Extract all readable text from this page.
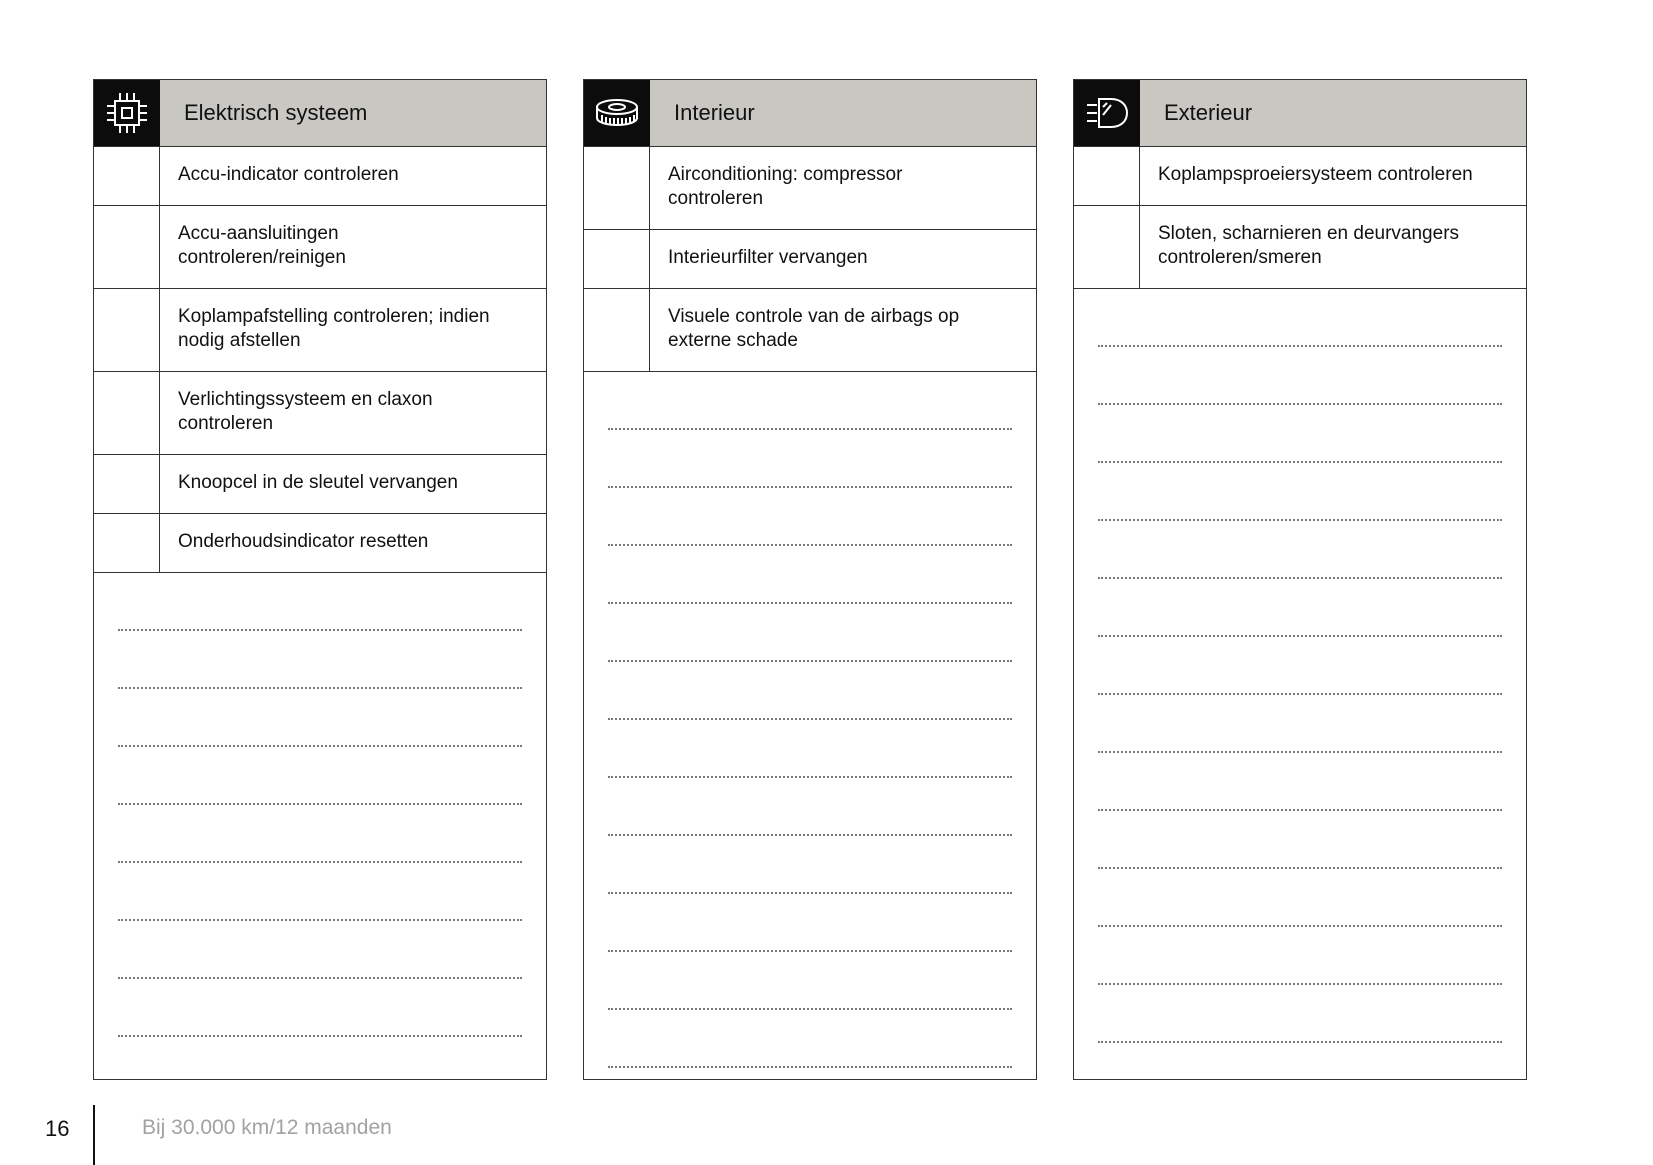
Elektrisch systeem
Accu-indicator controleren
Accu-aansluitingen
controleren/reinigen
Koplampafstelling controleren; indien
nodig afstellen
Verlichtingssysteem en claxon
controleren
Knoopcel in de sleutel vervangen
Onderhoudsindicator resetten
Interieur
Airconditioning: compressor
controleren
Interieurfilter vervangen
Visuele controle van de airbags op
externe schade
Exterieur
Koplampsproeiersysteem controleren
Sloten, scharnieren en deurvangers
controleren/smeren
16	Bij 30.000 km/12 maanden
